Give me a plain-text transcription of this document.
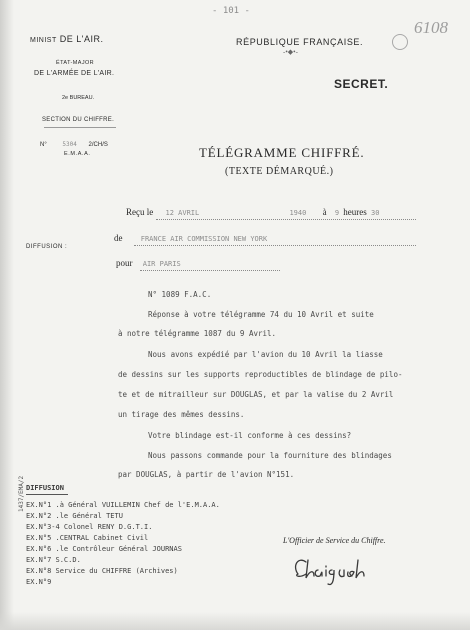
MINIST DE L'AIR.
ÉTAT-MAJOR
DE L'ARMÉE DE L'AIR.
2e BUREAU.
SECTION DU CHIFFRE.
N°	5304 2/CH/S
E.M.A.A.
- 101 -
RÉPUBLIQUE FRANÇAISE.
-•◆•-
6108
SECRET.
TÉLÉGRAMME CHIFFRÉ.
(TEXTE DÉMARQUÉ.)
Reçu le 12 AVRIL	1940 à 9 heures 30
DIFFUSION :
de	FRANCE AIR COMMISSION NEW YORK
pour AIR PARIS
N° 1089 F.A.C.
Réponse à votre télégramme 74 du 10 Avril et suite
à notre télégramme 1087 du 9 Avril.
Nous avons expédié par l'avion du 10 Avril la liasse
de dessins sur les supports reproductibles de blindage de pilo-
te et de mitrailleur sur DOUGLAS, et par la valise du 2 Avril
un tirage des mêmes dessins.
Votre blindage est-il conforme à ces dessins?
Nous passons commande pour la fourniture des blindages
par DOUGLAS, à partir de l'avion N°151.
1437/EMA/2 DIFFUSION
EX.N°1 .à Général VUILLEMIN Chef de l'E.M.A.A.
EX.N°2 .le Général TETU
EX.N°3-4 Colonel RENY D.G.T.I.
EX.N°5 .CENTRAL Cabinet Civil
EX.N°6 .le Contrôleur Général JOURNAS
EX.N°7 S.C.D.
EX.N°8 Service du CHIFFRE (Archives)
EX.N°9
L'Officier de Service du Chiffre.
